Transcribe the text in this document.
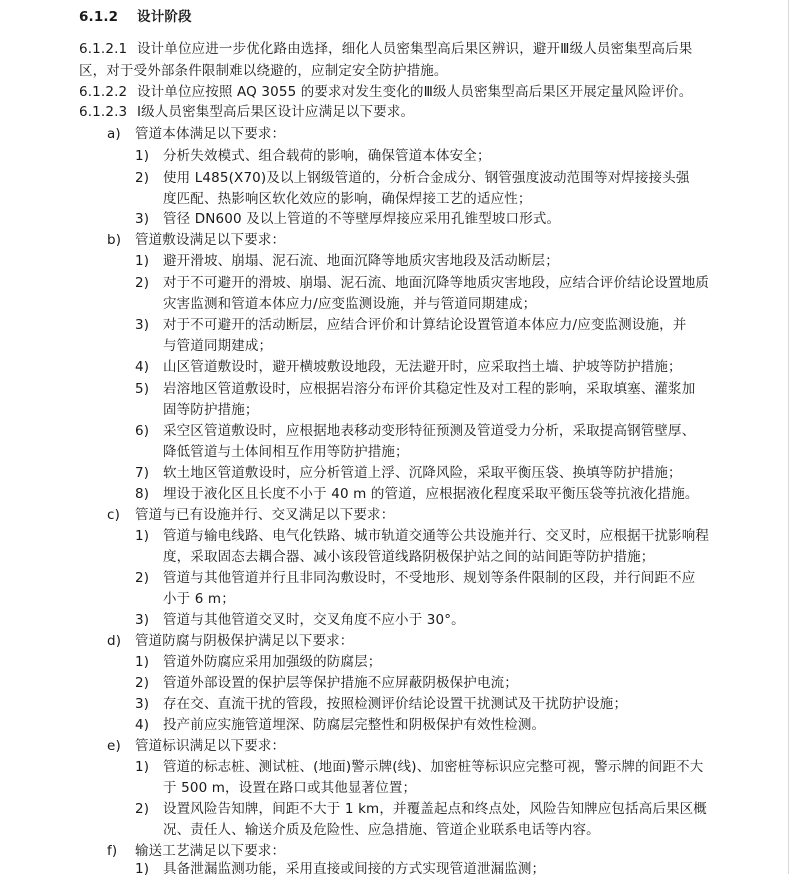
6.1.2 设计阶段
6.1.2.1 设计单位应进一步优化路由选择，细化人员密集型高后果区辨识，避开Ⅲ级人员密集型高后果
区，对于受外部条件限制难以绕避的，应制定安全防护措施。
6.1.2.2 设计单位应按照 AQ 3055 的要求对发生变化的Ⅲ级人员密集型高后果区开展定量风险评价。
6.1.2.3 Ⅰ级人员密集型高后果区设计应满足以下要求。
a) 管道本体满足以下要求：
1) 分析失效模式、组合载荷的影响，确保管道本体安全；
2) 使用 L485(X70)及以上钢级管道的，分析合金成分、钢管强度波动范围等对焊接接头强
度匹配、热影响区软化效应的影响，确保焊接工艺的适应性；
3) 管径 DN600 及以上管道的不等壁厚焊接应采用孔锥型坡口形式。
b) 管道敷设满足以下要求：
1) 避开滑坡、崩塌、泥石流、地面沉降等地质灾害地段及活动断层；
2) 对于不可避开的滑坡、崩塌、泥石流、地面沉降等地质灾害地段，应结合评价结论设置地质
灾害监测和管道本体应力/应变监测设施，并与管道同期建成；
3) 对于不可避开的活动断层，应结合评价和计算结论设置管道本体应力/应变监测设施，并
与管道同期建成；
4) 山区管道敷设时，避开横坡敷设地段，无法避开时，应采取挡土墙、护坡等防护措施；
5) 岩溶地区管道敷设时，应根据岩溶分布评价其稳定性及对工程的影响，采取填塞、灌浆加
固等防护措施；
6) 采空区管道敷设时，应根据地表移动变形特征预测及管道受力分析，采取提高钢管壁厚、
降低管道与土体间相互作用等防护措施；
7) 软土地区管道敷设时，应分析管道上浮、沉降风险，采取平衡压袋、换填等防护措施；
8) 埋设于液化区且长度不小于 40 m 的管道，应根据液化程度采取平衡压袋等抗液化措施。
c) 管道与已有设施并行、交叉满足以下要求：
1) 管道与输电线路、电气化铁路、城市轨道交通等公共设施并行、交叉时，应根据干扰影响程
度，采取固态去耦合器、减小该段管道线路阴极保护站之间的站间距等防护措施；
2) 管道与其他管道并行且非同沟敷设时，不受地形、规划等条件限制的区段，并行间距不应
小于 6 m；
3) 管道与其他管道交叉时，交叉角度不应小于 30°。
d) 管道防腐与阴极保护满足以下要求：
1) 管道外防腐应采用加强级的防腐层；
2) 管道外部设置的保护层等保护措施不应屏蔽阴极保护电流；
3) 存在交、直流干扰的管段，按照检测评价结论设置干扰测试及干扰防护设施；
4) 投产前应实施管道埋深、防腐层完整性和阴极保护有效性检测。
e) 管道标识满足以下要求：
1) 管道的标志桩、测试桩、(地面)警示牌(线)、加密桩等标识应完整可视，警示牌的间距不大
于 500 m，设置在路口或其他显著位置；
2) 设置风险告知牌，间距不大于 1 km，并覆盖起点和终点处，风险告知牌应包括高后果区概
况、责任人、输送介质及危险性、应急措施、管道企业联系电话等内容。
f) 输送工艺满足以下要求：
1) 具备泄漏监测功能，采用直接或间接的方式实现管道泄漏监测；
